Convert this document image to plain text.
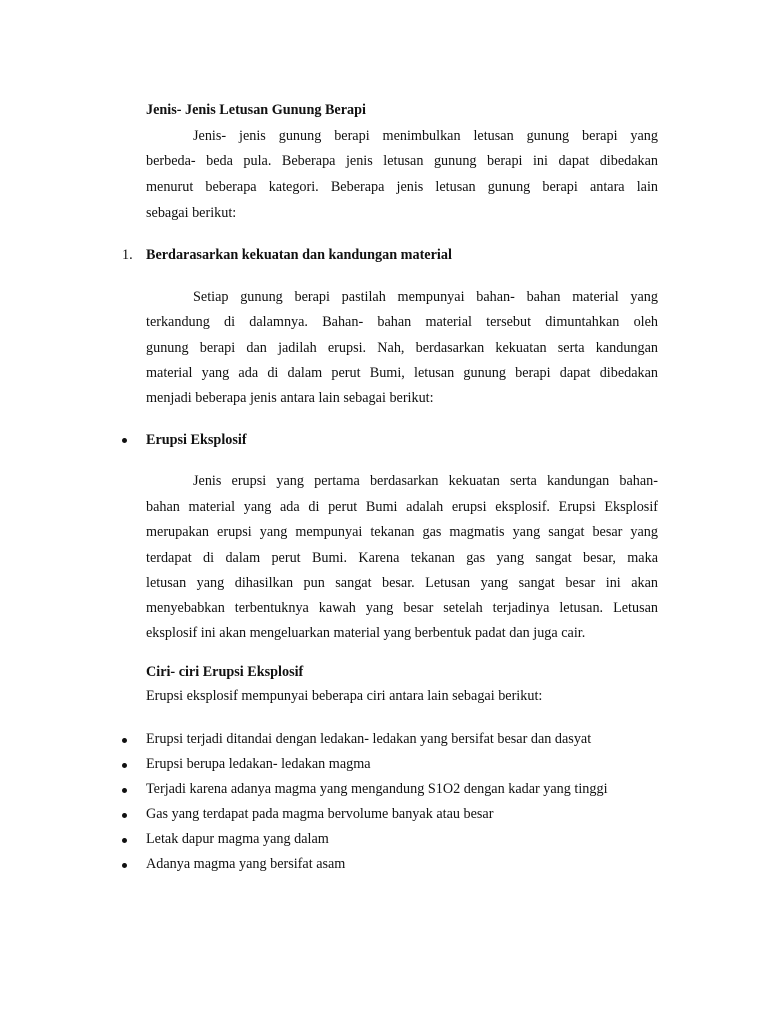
Jenis- Jenis Letusan Gunung Berapi
Jenis- jenis gunung berapi menimbulkan letusan gunung berapi yang
berbeda- beda pula. Beberapa jenis letusan gunung berapi ini dapat dibedakan
menurut beberapa kategori. Beberapa jenis letusan gunung berapi antara lain
sebagai berikut:
1. Berdarasarkan kekuatan dan kandungan material
Setiap gunung berapi pastilah mempunyai bahan- bahan material yang
terkandung di dalamnya. Bahan- bahan material tersebut dimuntahkan oleh
gunung berapi dan jadilah erupsi. Nah, berdasarkan kekuatan serta kandungan
material yang ada di dalam perut Bumi, letusan gunung berapi dapat dibedakan
menjadi beberapa jenis antara lain sebagai berikut:
Erupsi Eksplosif
Jenis erupsi yang pertama berdasarkan kekuatan serta kandungan bahan-
bahan material yang ada di perut Bumi adalah erupsi eksplosif. Erupsi Eksplosif
merupakan erupsi yang mempunyai tekanan gas magmatis yang sangat besar yang
terdapat di dalam perut Bumi. Karena tekanan gas yang sangat besar, maka
letusan yang dihasilkan pun sangat besar. Letusan yang sangat besar ini akan
menyebabkan terbentuknya kawah yang besar setelah terjadinya letusan. Letusan
eksplosif ini akan mengeluarkan material yang berbentuk padat dan juga cair.
Ciri- ciri Erupsi Eksplosif
Erupsi eksplosif mempunyai beberapa ciri antara lain sebagai berikut:
Erupsi terjadi ditandai dengan ledakan- ledakan yang bersifat besar dan dasyat
Erupsi berupa ledakan- ledakan magma
Terjadi karena adanya magma yang mengandung S1O2 dengan kadar yang tinggi
Gas yang terdapat pada magma bervolume banyak atau besar
Letak dapur magma yang dalam
Adanya magma yang bersifat asam
